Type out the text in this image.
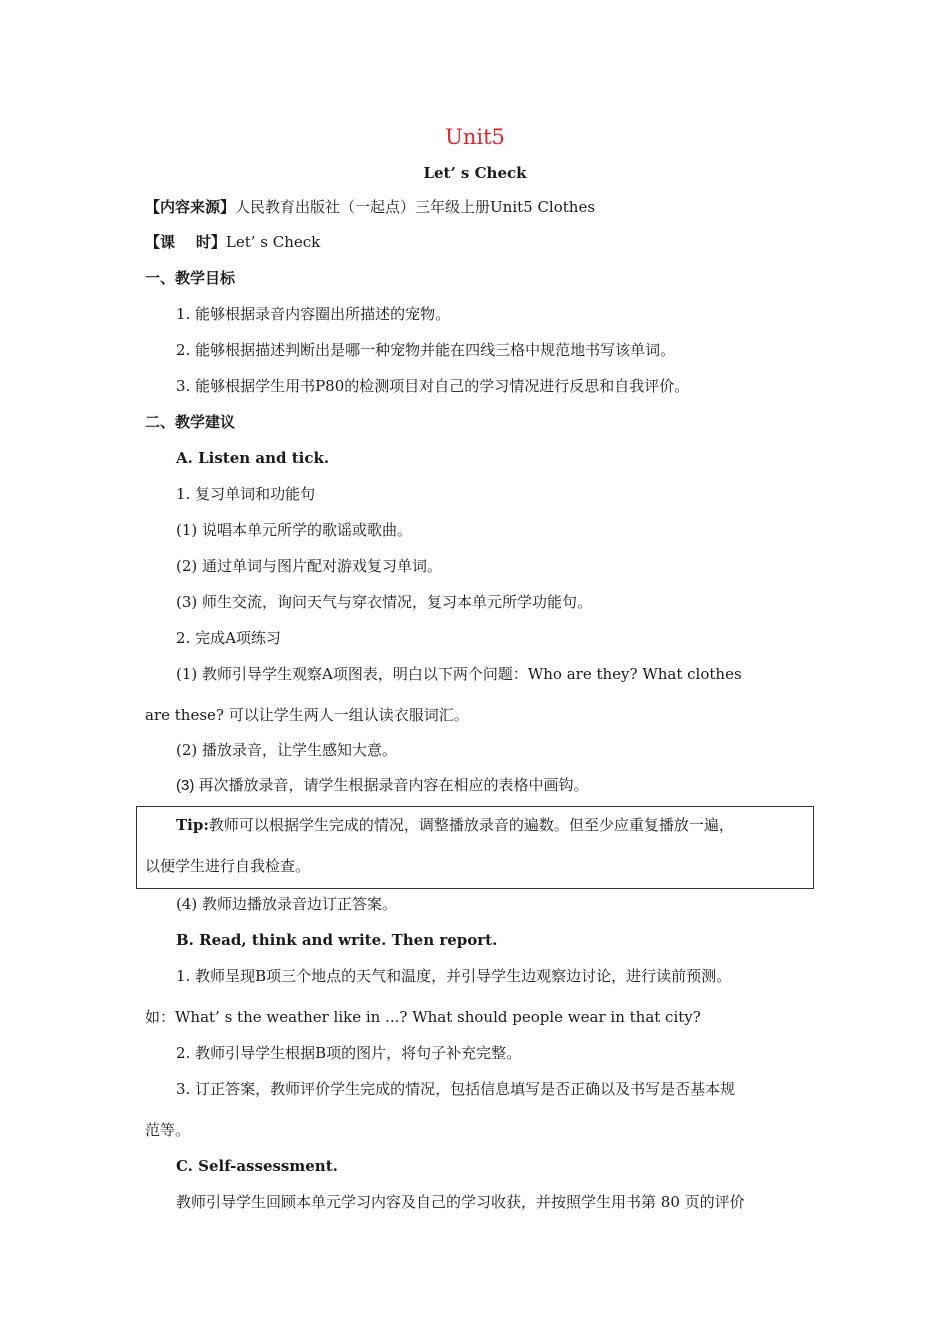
Unit5
Let’ s Check
【内容来源】人民教育出版社（一起点）三年级上册Unit5 Clothes
【课    时】Let’ s Check
一、教学目标
1. 能够根据录音内容圈出所描述的宠物。
2. 能够根据描述判断出是哪一种宠物并能在四线三格中规范地书写该单词。
3. 能够根据学生用书P80的检测项目对自己的学习情况进行反思和自我评价。
二、教学建议
A. Listen and tick.
1. 复习单词和功能句
(1) 说唱本单元所学的歌谣或歌曲。
(2) 通过单词与图片配对游戏复习单词。
(3) 师生交流，询问天气与穿衣情况，复习本单元所学功能句。
2. 完成A项练习
(1) 教师引导学生观察A项图表，明白以下两个问题：Who are they? What clothes
are these? 可以让学生两人一组认读衣服词汇。
(2) 播放录音，让学生感知大意。
(3) 再次播放录音，请学生根据录音内容在相应的表格中画钩。
Tip:教师可以根据学生完成的情况，调整播放录音的遍数。但至少应重复播放一遍，
以便学生进行自我检查。
(4) 教师边播放录音边订正答案。
B. Read, think and write. Then report.
1. 教师呈现B项三个地点的天气和温度，并引导学生边观察边讨论，进行读前预测。
如：What’ s the weather like in ...? What should people wear in that city?
2. 教师引导学生根据B项的图片，将句子补充完整。
3. 订正答案，教师评价学生完成的情况，包括信息填写是否正确以及书写是否基本规
范等。
C. Self-assessment.
教师引导学生回顾本单元学习内容及自己的学习收获，并按照学生用书第 80 页的评价
